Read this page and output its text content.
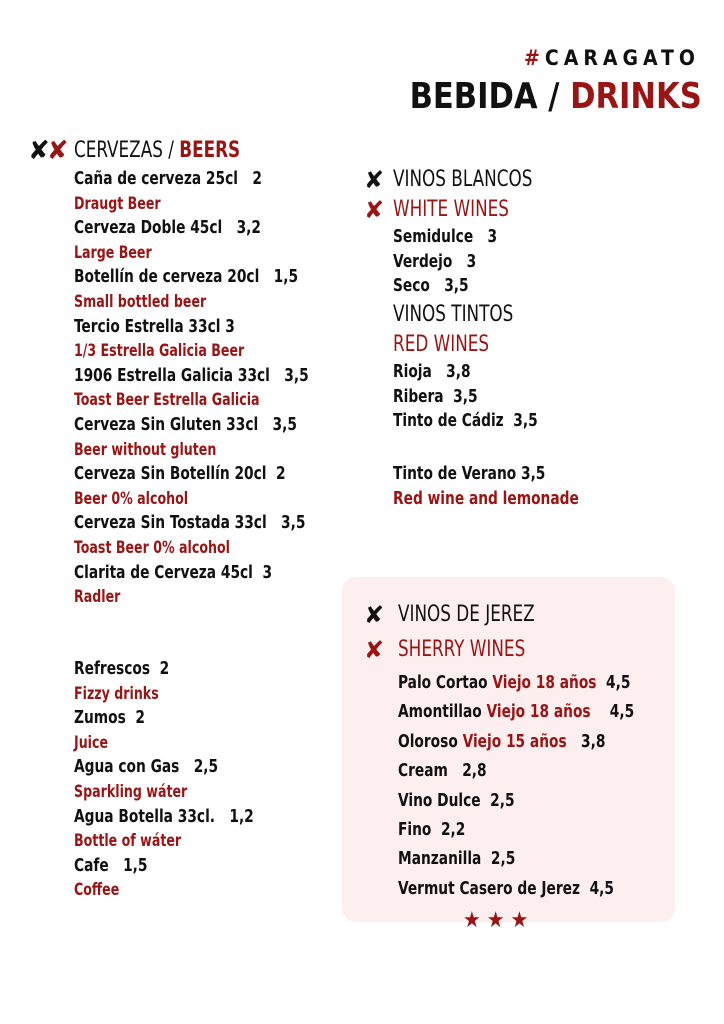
#CARAGATO
BEBIDA / DRINKS
✘✘ CERVEZAS / BEERS
Caña de cerveza 25cl   2
Draugt Beer
Cerveza Doble 45cl   3,2
Large Beer
Botellín de cerveza 20cl   1,5
Small bottled beer
Tercio Estrella 33cl 3
1/3 Estrella Galicia Beer
1906 Estrella Galicia 33cl   3,5
Toast Beer Estrella Galicia
Cerveza Sin Gluten 33cl   3,5
Beer without gluten
Cerveza Sin Botellín 20cl  2
Beer 0% alcohol
Cerveza Sin Tostada 33cl   3,5
Toast Beer 0% alcohol
Clarita de Cerveza 45cl  3
Radler
Refrescos  2
Fizzy drinks
Zumos  2
Juice
Agua con Gas   2,5
Sparkling wáter
Agua Botella 33cl.   1,2
Bottle of wáter
Cafe   1,5
Coffee
✘ VINOS BLANCOS
✘ WHITE WINES
Semidulce   3
Verdejo   3
Seco   3,5
VINOS TINTOS
RED WINES
Rioja   3,8
Ribera  3,5
Tinto de Cádiz  3,5
Tinto de Verano 3,5
Red wine and lemonade
✘ VINOS DE JEREZ
✘ SHERRY WINES
Palo Cortao Viejo 18 años  4,5
Amontillao Viejo 18 años    4,5
Oloroso Viejo 15 años   3,8
Cream   2,8
Vino Dulce  2,5
Fino  2,2
Manzanilla  2,5
Vermut Casero de Jerez  4,5
★★★
